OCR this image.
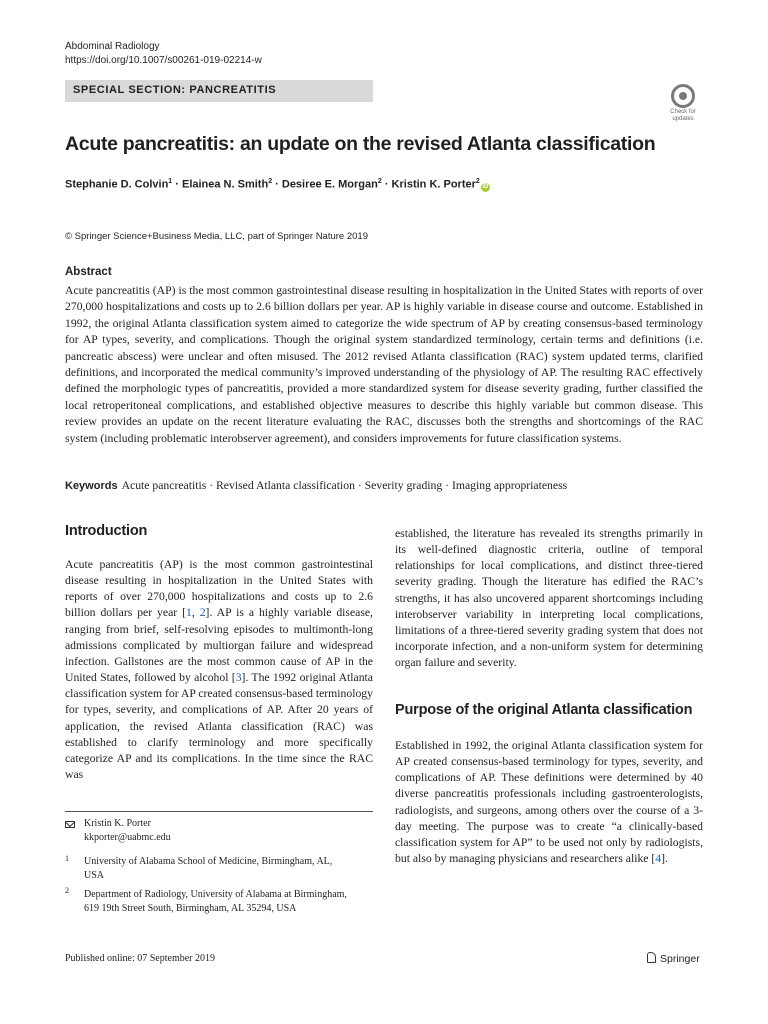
Abdominal Radiology
https://doi.org/10.1007/s00261-019-02214-w
SPECIAL SECTION: PANCREATITIS
Check for
updates
Acute pancreatitis: an update on the revised Atlanta classification
Stephanie D. Colvin$^1$ · Elainea N. Smith$^2$ · Desiree E. Morgan$^2$ · Kristin K. Porter$^2$iD
© Springer Science+Business Media, LLC, part of Springer Nature 2019
Abstract
Acute pancreatitis (AP) is the most common gastrointestinal disease resulting in hospitalization in the United States with reports of over 270,000 hospitalizations and costs up to 2.6 billion dollars per year. AP is highly variable in disease course and outcome. Established in 1992, the original Atlanta classification system aimed to categorize the wide spectrum of AP by creating consensus-based terminology for AP types, severity, and complications. Though the original system standardized terminology, certain terms and definitions (i.e. pancreatic abscess) were unclear and often misused. The 2012 revised Atlanta classification (RAC) system updated terms, clarified definitions, and incorporated the medical community’s improved understanding of the physiology of AP. The resulting RAC effectively defined the morphologic types of pancreatitis, provided a more standardized system for disease severity grading, further classified the local retroperitoneal complications, and established objective measures to describe this highly variable but common disease. This review provides an update on the recent literature evaluating the RAC, discusses both the strengths and shortcomings of the RAC system (including problematic interobserver agreement), and considers improvements for future classification systems.
Keywords Acute pancreatitis · Revised Atlanta classification · Severity grading · Imaging appropriateness
Introduction
Acute pancreatitis (AP) is the most common gastrointestinal disease resulting in hospitalization in the United States with reports of over 270,000 hospitalizations and costs up to 2.6 billion dollars per year [1, 2]. AP is a highly variable disease, ranging from brief, self-resolving episodes to multimonth-long admissions complicated by multiorgan failure and widespread infection. Gallstones are the most common cause of AP in the United States, followed by alcohol [3]. The 1992 original Atlanta classification system for AP created consensus-based terminology for types, severity, and complications of AP. After 20 years of application, the revised Atlanta classification (RAC) was established to clarify terminology and more specifically categorize AP and its complications. In the time since the RAC was
Kristin K. Porter
kkporter@uabmc.edu
1 University of Alabama School of Medicine, Birmingham, AL, USA
2 Department of Radiology, University of Alabama at Birmingham, 619 19th Street South, Birmingham, AL 35294, USA
established, the literature has revealed its strengths primarily in its well-defined diagnostic criteria, outline of temporal relationships for local complications, and distinct three-tiered severity grading. Though the literature has edified the RAC’s strengths, it has also uncovered apparent shortcomings including interobserver variability in interpreting local complications, limitations of a three-tiered severity grading system that does not incorporate infection, and a non-uniform system for determining organ failure and severity.
Purpose of the original Atlanta classification
Established in 1992, the original Atlanta classification system for AP created consensus-based terminology for types, severity, and complications of AP. These definitions were determined by 40 diverse pancreatitis professionals including gastroenterologists, radiologists, and surgeons, among others over the course of a 3-day meeting. The purpose was to create “a clinically-based classification system for AP” to be used not only by radiologists, but also by managing physicians and researchers alike [4].
Published online: 07 September 2019	Springer
